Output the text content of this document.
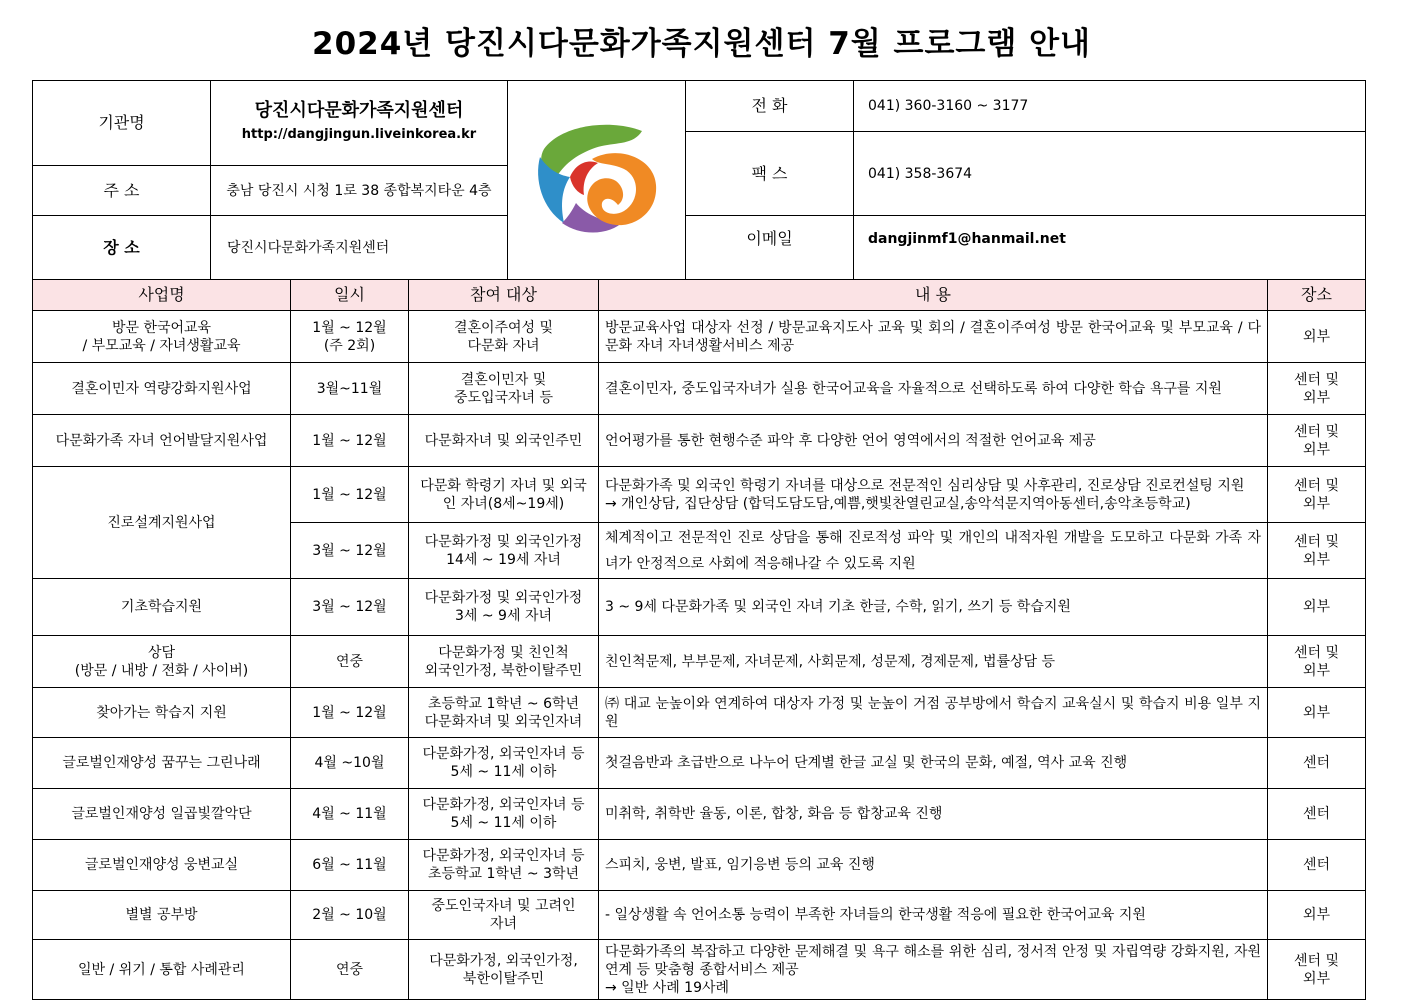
2024년 당진시다문화가족지원센터 7월 프로그램 안내
기관명	당진시다문화가족지원센터
http://dangjingun.liveinkorea.kr		전 화	041) 360-3160 ~ 3177
			팩 스	041) 358-3674
주 소	충남 당진시 시청 1로 38 종합복지타운 4층			
장 소	당진시다문화가족지원센터		이메일	dangjinmf1@hanmail.net
사업명	일시	참여 대상	내 용	장소
방문 한국어교육
/ 부모교육 / 자녀생활교육	1월 ~ 12월
(주 2회)	결혼이주여성 및
다문화 자녀	방문교육사업 대상자 선정 / 방문교육지도사 교육 및 회의 / 결혼이주여성 방문 한국어교육 및 부모교육 / 다문화 자녀 자녀생활서비스 제공	외부
결혼이민자 역량강화지원사업	3월~11월	결혼이민자 및
중도입국자녀 등	결혼이민자, 중도입국자녀가 실용 한국어교육을 자율적으로 선택하도록 하여 다양한 학습 욕구를 지원	센터 및
외부
다문화가족 자녀 언어발달지원사업	1월 ~ 12월	다문화자녀 및 외국인주민	언어평가를 통한 현행수준 파악 후 다양한 언어 영역에서의 적절한 언어교육 제공	센터 및
외부
진로설계지원사업	1월 ~ 12월	다문화 학령기 자녀 및 외국인 자녀(8세~19세)	다문화가족 및 외국인 학령기 자녀를 대상으로 전문적인 심리상담 및 사후관리, 진로상담 진로컨설팅 지원
→ 개인상담, 집단상담 (합덕도담도담,예쁨,햇빛찬열린교실,송악석문지역아동센터,송악초등학교)	센터 및
외부
	3월 ~ 12월	다문화가정 및 외국인가정
14세 ~ 19세 자녀	체계적이고 전문적인 진로 상담을 통해 진로적성 파악 및 개인의 내적자원 개발을 도모하고 다문화 가족 자녀가 안정적으로 사회에 적응해나갈 수 있도록 지원	센터 및
외부
기초학습지원	3월 ~ 12월	다문화가정 및 외국인가정
3세 ~ 9세 자녀	3 ~ 9세 다문화가족 및 외국인 자녀 기초 한글, 수학, 읽기, 쓰기 등 학습지원	외부
상담
(방문 / 내방 / 전화 / 사이버)	연중	다문화가정 및 친인척
외국인가정, 북한이탈주민	친인척문제, 부부문제, 자녀문제, 사회문제, 성문제, 경제문제, 법률상담 등	센터 및
외부
찾아가는 학습지 지원	1월 ~ 12월	초등학교 1학년 ~ 6학년
다문화자녀 및 외국인자녀	㈜ 대교 눈높이와 연계하여 대상자 가정 및 눈높이 거점 공부방에서 학습지 교육실시 및 학습지 비용 일부 지원	외부
글로벌인재양성 꿈꾸는 그린나래	4월 ~10월	다문화가정, 외국인자녀 등
5세 ~ 11세 이하	첫걸음반과 초급반으로 나누어 단계별 한글 교실 및 한국의 문화, 예절, 역사 교육 진행	센터
글로벌인재양성 일곱빛깔악단	4월 ~ 11월	다문화가정, 외국인자녀 등
5세 ~ 11세 이하	미취학, 취학반 율동, 이론, 합창, 화음 등 합창교육 진행	센터
글로벌인재양성 웅변교실	6월 ~ 11월	다문화가정, 외국인자녀 등
초등학교 1학년 ~ 3학년	스피치, 웅변, 발표, 임기응변 등의 교육 진행	센터
별별 공부방	2월 ~ 10월	중도인국자녀 및 고려인
자녀	- 일상생활 속 언어소통 능력이 부족한 자녀들의 한국생활 적응에 필요한 한국어교육 지원	외부
일반 / 위기 / 통합 사례관리	연중	다문화가정, 외국인가정,
북한이탈주민	다문화가족의 복잡하고 다양한 문제해결 및 욕구 해소를 위한 심리, 정서적 안정 및 자립역량 강화지원, 자원연계 등 맞춤형 종합서비스 제공
→ 일반 사례 19사례	센터 및
외부
